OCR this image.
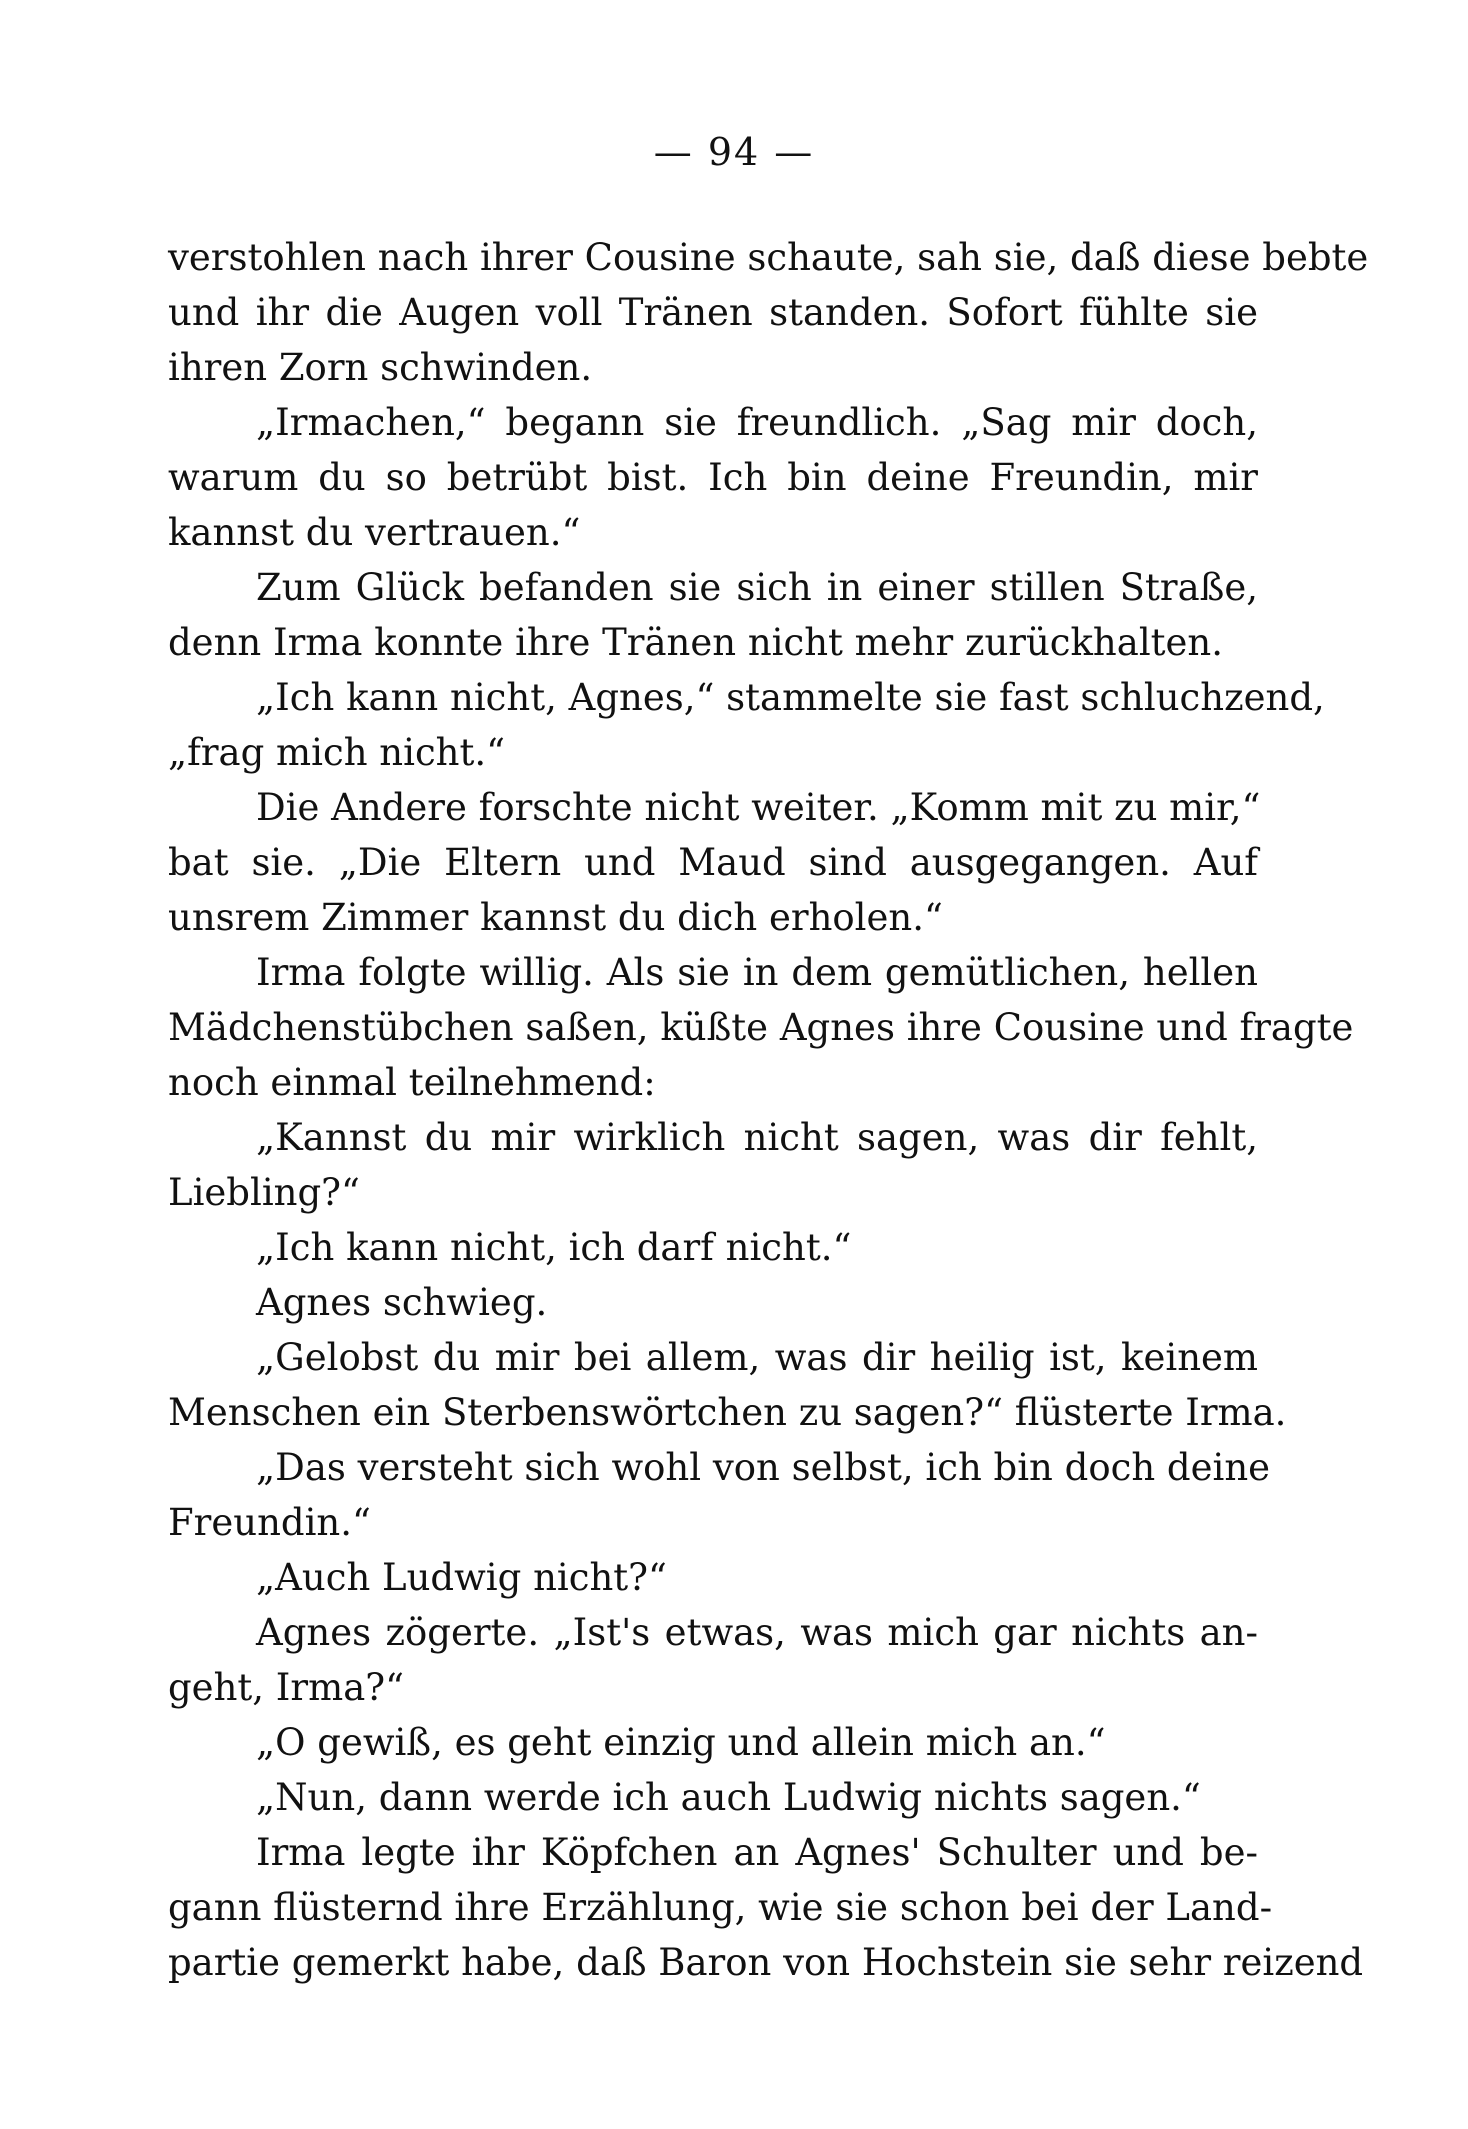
— 94 —
verstohlen nach ihrer Cousine schaute, sah sie, daß diese bebte
und ihr die Augen voll Tränen standen. Sofort fühlte sie
ihren Zorn schwinden.
„Irmachen,“ begann sie freundlich. „Sag mir doch,
warum du so betrübt bist. Ich bin deine Freundin, mir
kannst du vertrauen.“
Zum Glück befanden sie sich in einer stillen Straße,
denn Irma konnte ihre Tränen nicht mehr zurückhalten.
„Ich kann nicht, Agnes,“ stammelte sie fast schluchzend,
„frag mich nicht.“
Die Andere forschte nicht weiter. „Komm mit zu mir,“
bat sie. „Die Eltern und Maud sind ausgegangen. Auf
unsrem Zimmer kannst du dich erholen.“
Irma folgte willig. Als sie in dem gemütlichen, hellen
Mädchenstübchen saßen, küßte Agnes ihre Cousine und fragte
noch einmal teilnehmend:
„Kannst du mir wirklich nicht sagen, was dir fehlt,
Liebling?“
„Ich kann nicht, ich darf nicht.“
Agnes schwieg.
„Gelobst du mir bei allem, was dir heilig ist, keinem
Menschen ein Sterbenswörtchen zu sagen?“ flüsterte Irma.
„Das versteht sich wohl von selbst, ich bin doch deine
Freundin.“
„Auch Ludwig nicht?“
Agnes zögerte. „Ist's etwas, was mich gar nichts an-
geht, Irma?“
„O gewiß, es geht einzig und allein mich an.“
„Nun, dann werde ich auch Ludwig nichts sagen.“
Irma legte ihr Köpfchen an Agnes' Schulter und be-
gann flüsternd ihre Erzählung, wie sie schon bei der Land-
partie gemerkt habe, daß Baron von Hochstein sie sehr reizend
